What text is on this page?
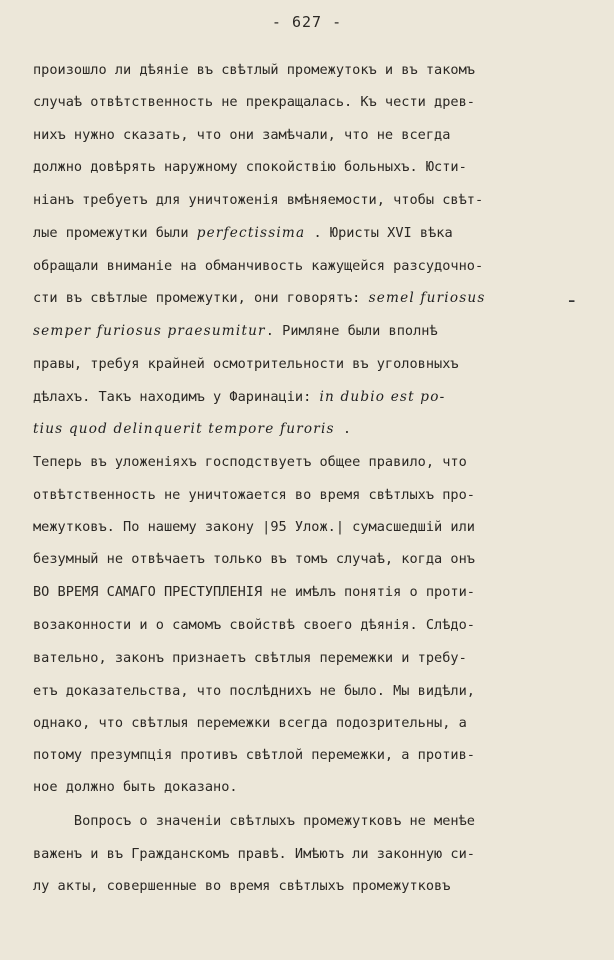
- 627 -
произошло ли дѣяніе въ свѣтлый промежутокъ и въ такомъ
случаѣ отвѣтственность не прекращалась. Къ чести древ-
нихъ нужно сказать, что они замѣчали, что не всегда
должно довѣрять наружному спокойствію больныхъ. Юсти-
ніанъ требуетъ для уничтоженія вмѣняемости, чтобы свѣт-
лые промежутки были perfectissima . Юристы XVI вѣка
обращали вниманіе на обманчивость кажущейся разсудочно-
сти въ свѣтлые промежутки, они говорятъ: semel furiosus
semper furiosus praesumitur. Римляне были вполнѣ
правы, требуя крайней осмотрительности въ уголовныхъ
дѣлахъ. Такъ находимъ у Фаринаціи: in dubio est po-
tius quod delinquerit tempore furoris .
Теперь въ уложеніяхъ господствуетъ общее правило, что
отвѣтственность не уничтожается во время свѣтлыхъ про-
межутковъ. По нашему закону |95 Улож.| сумасшедшій или
безумный не отвѣчаетъ только въ томъ случаѣ, когда онъ
ВО ВРЕМЯ САМАГО ПРЕСТУПЛЕНІЯ не имѣлъ понятія о проти-
возаконности и о самомъ свойствѣ своего дѣянія. Слѣдо-
вательно, законъ признаетъ свѣтлыя перемежки и требу-
етъ доказательства, что послѣднихъ не было. Мы видѣли,
однако, что свѣтлыя перемежки всегда подозрительны, а
потому презумпція противъ свѣтлой перемежки, а против-
ное должно быть доказано.
Вопросъ о значеніи свѣтлыхъ промежутковъ не менѣе
важенъ и въ Гражданскомъ правѣ. Имѣютъ ли законную си-
лу акты, совершенные во время свѣтлыхъ промежутковъ
-
